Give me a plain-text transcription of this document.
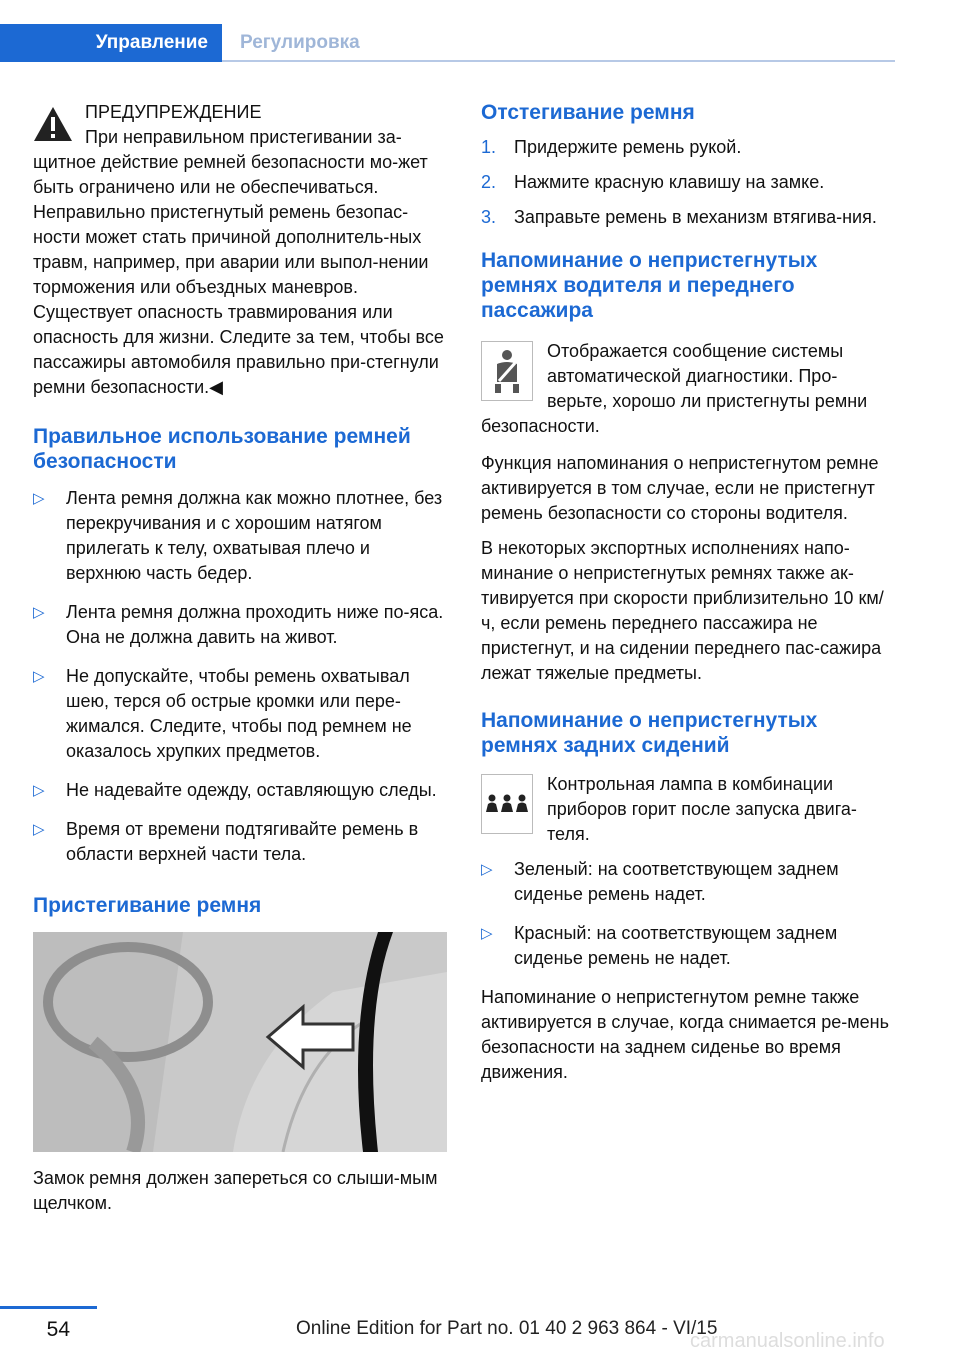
Управление	Регулировка

ПРЕДУПРЕЖДЕНИЕ

При неправильном пристегивании за-

щитное действие ремней безопасности мо-жет быть ограничено или не обеспечиваться. Неправильно пристегнутый ремень безопас-ности может стать причиной дополнитель-ных травм, например, при аварии или выпол-нении торможения или объездных маневров. Существует опасность травмирования или опасность для жизни. Следите за тем, чтобы все пассажиры автомобиля правильно при-стегнули ремни безопасности.◀

Правильное использование ремней безопасности
▷ Лента ремня должна как можно плотнее, без перекручивания и с хорошим натягом прилегать к телу, охватывая плечо и верхнюю часть бедер.
▷ Лента ремня должна проходить ниже по-яса. Она не должна давить на живот.
▷ Не допускайте, чтобы ремень охватывал шею, терся об острые кромки или пере-жимался. Следите, чтобы под ремнем не оказалось хрупких предметов.
▷ Не надевайте одежду, оставляющую следы.
▷ Время от времени подтягивайте ремень в области верхней части тела.
Пристегивание ремня

Замок ремня должен запереться со слыши-мым щелчком.

Отстегивание ремня
1. Придержите ремень рукой.
2. Нажмите красную клавишу на замке.
3. Заправьте ремень в механизм втягива-ния.
Напоминание о непристегнутых ремнях водителя и переднего пассажира

Отображается сообщение системы автоматической диагностики. Про-верьте, хорошо ли пристегнуты ремни безопасности.

Функция напоминания о непристегнутом ремне активируется в том случае, если не пристегнут ремень безопасности со стороны водителя.

В некоторых экспортных исполнениях напо-минание о непристегнутых ремнях также ак-тивируется при скорости приблизительно 10 км/ч, если ремень переднего пассажира не пристегнут, и на сидении переднего пас-сажира лежат тяжелые предметы.

Напоминание о непристегнутых ремнях задних сидений

Контрольная лампа в комбинации приборов горит после запуска двига-теля.

▷ Зеленый: на соответствующем заднем сиденье ремень надет.
▷ Красный: на соответствующем заднем сиденье ремень не надет.

Напоминание о непристегнутом ремне также активируется в случае, когда снимается ре-мень безопасности на заднем сиденье во время движения.

54	Online Edition for Part no. 01 40 2 963 864 - VI/15
carmanualsonline.info
